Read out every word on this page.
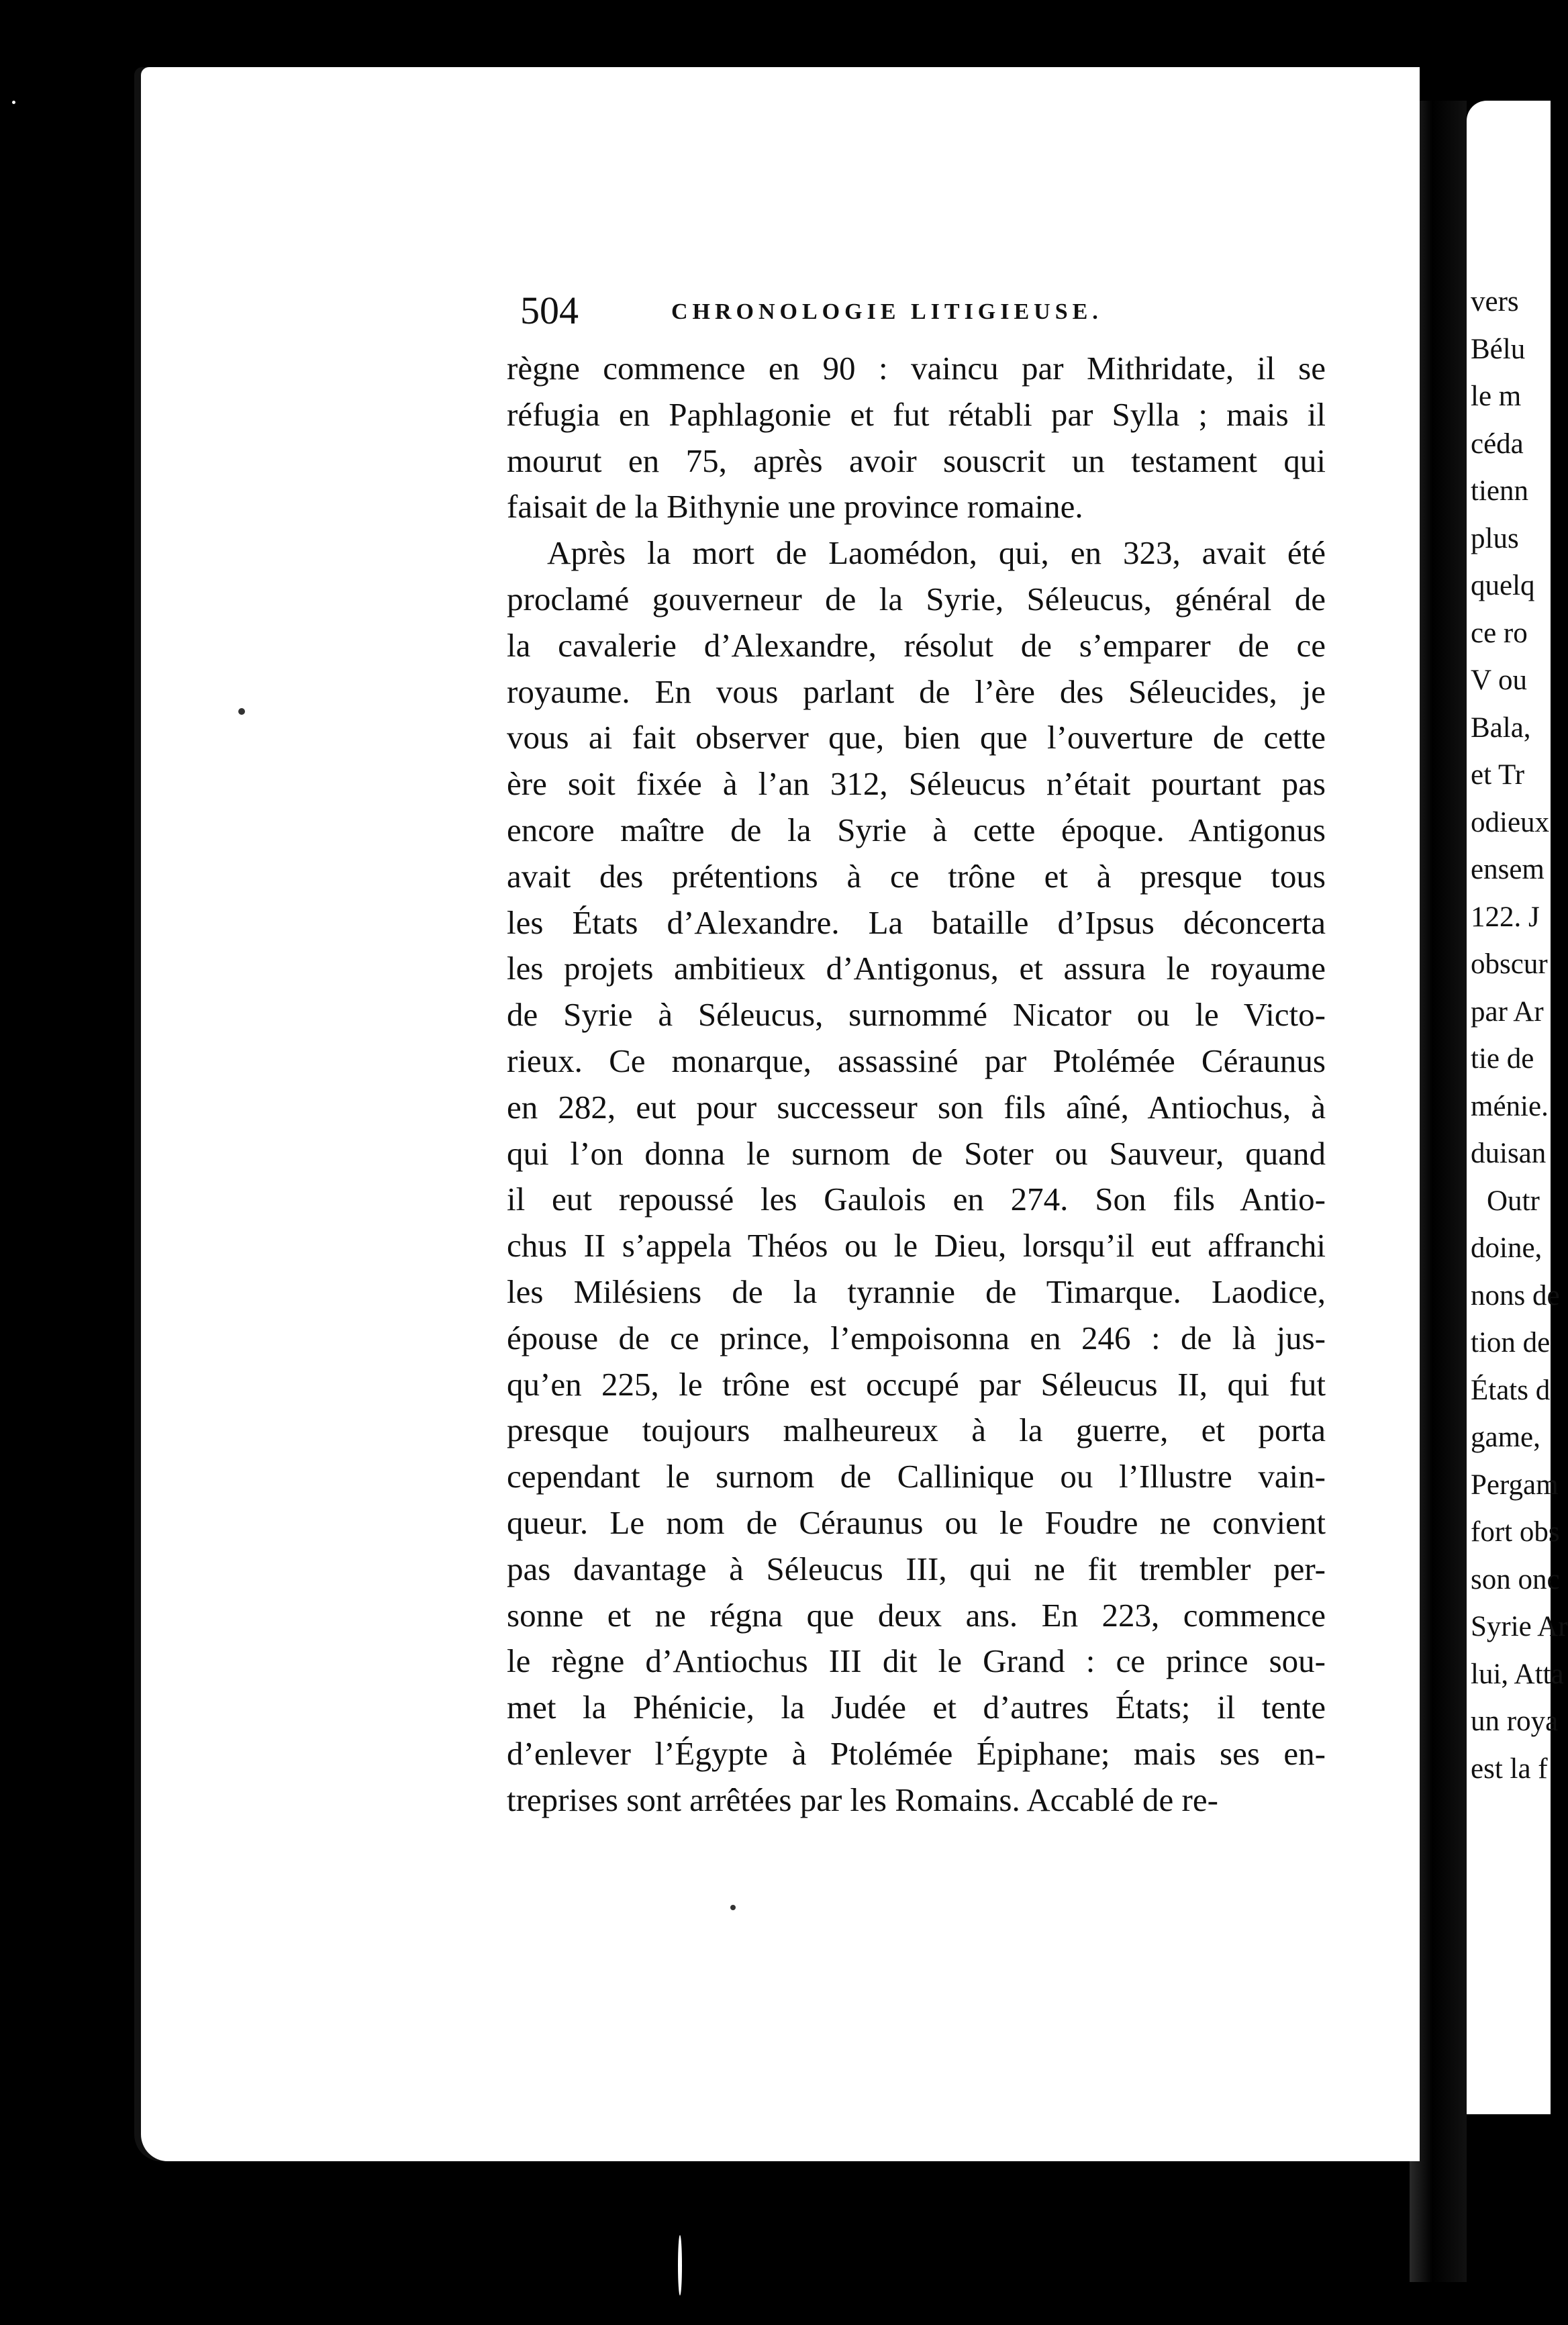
vers
Bélu
le m
céda
tienn
plus
quelq
ce ro
V ou
Bala,
et Tr
odieux
ensem
122. J
obscur
par Ar
tie de
ménie.
duisan
Outr
doine,
nons de
tion de
États d
game,
Pergam
fort obs
son onc
Syrie Ar
lui, Atta
un roya
est la f
504	CHRONOLOGIE LITIGIEUSE.
règne commence en 90 : vaincu par Mithridate, il se
réfugia en Paphlagonie et fut rétabli par Sylla ; mais il
mourut en 75, après avoir souscrit un testament qui
faisait de la Bithynie une province romaine.
Après la mort de Laomédon, qui, en 323, avait été
proclamé gouverneur de la Syrie, Séleucus, général de
la cavalerie d’Alexandre, résolut de s’emparer de ce
royaume. En vous parlant de l’ère des Séleucides, je
vous ai fait observer que, bien que l’ouverture de cette
ère soit fixée à l’an 312, Séleucus n’était pourtant pas
encore maître de la Syrie à cette époque. Antigonus
avait des prétentions à ce trône et à presque tous
les États d’Alexandre. La bataille d’Ipsus déconcerta
les projets ambitieux d’Antigonus, et assura le royaume
de Syrie à Séleucus, surnommé Nicator ou le Victo-
rieux. Ce monarque, assassiné par Ptolémée Céraunus
en 282, eut pour successeur son fils aîné, Antiochus, à
qui l’on donna le surnom de Soter ou Sauveur, quand
il eut repoussé les Gaulois en 274. Son fils Antio-
chus II s’appela Théos ou le Dieu, lorsqu’il eut affranchi
les Milésiens de la tyrannie de Timarque. Laodice,
épouse de ce prince, l’empoisonna en 246 : de là jus-
qu’en 225, le trône est occupé par Séleucus II, qui fut
presque toujours malheureux à la guerre, et porta
cependant le surnom de Callinique ou l’Illustre vain-
queur. Le nom de Céraunus ou le Foudre ne convient
pas davantage à Séleucus III, qui ne fit trembler per-
sonne et ne régna que deux ans. En 223, commence
le règne d’Antiochus III dit le Grand : ce prince sou-
met la Phénicie, la Judée et d’autres États; il tente
d’enlever l’Égypte à Ptolémée Épiphane; mais ses en-
treprises sont arrêtées par les Romains. Accablé de re-
